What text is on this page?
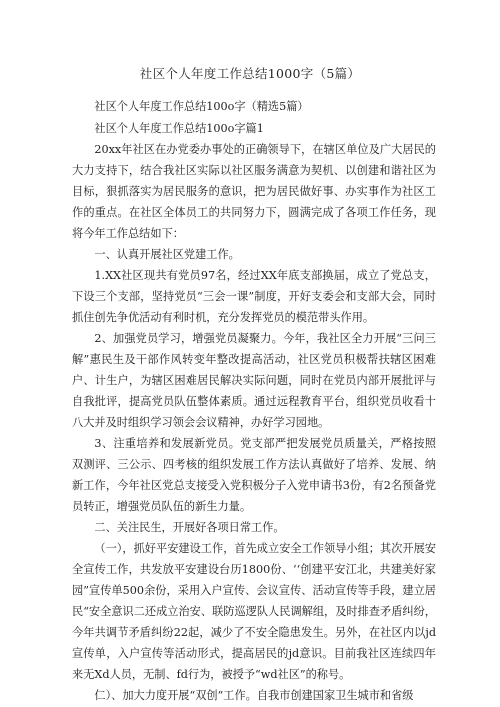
社区个人年度工作总结1000字（5篇）

社区个人年度工作总结100o字（精选5篇）

社区个人年度工作总结100o字篇1

20xx年社区在办党委办事处的正确领导下，在辖区单位及广大居民的大力支持下，结合我社区实际以社区服务满意为契机、以创建和谐社区为目标，狠抓落实为居民服务的意识，把为居民做好事、办实事作为社区工作的重点。在社区全体员工的共同努力下，圆满完成了各项工作任务，现将今年工作总结如下：

一、认真开展社区党建工作。

1.XX社区现共有党员97名，经过XX年底支部换届，成立了党总支，下设三个支部，坚持党员“三会一课”制度，开好支委会和支部大会，同时抓住创先争优活动有利时机，充分发挥党员的模范带头作用。

2、加强党员学习，增强党员凝聚力。今年，我社区全力开展“三问三解”惠民生及干部作风转变年整改提高活动，社区党员积极帮扶辖区困难户、计生户，为辖区困难居民解决实际问题，同时在党员内部开展批评与自我批评，提高党员队伍整体素质。通过远程教育平台，组织党员收看十八大并及时组织学习领会会议精神，办好学习园地。

3、注重培养和发展新党员。党支部严把发展党员质量关，严格按照双测评、三公示、四考核的组织发展工作方法认真做好了培养、发展、纳新工作，今年社区党总支接受入党积极分子入党申请书3份，有2名预备党员转正，增强党员队伍的新生力量。

二、关注民生，开展好各项日常工作。

（一），抓好平安建设工作，首先成立安全工作领导小组；其次开展安全宣传工作，共发放平安建设台历1800份、‘‘创建平安江北，共建美好家园”宣传单500余份，采用入户宣传、会议宣传、活动宣传等手段，建立居民“安全意识二还成立治安、联防巡逻队人民调解组，及时排查矛盾纠纷，今年共调节矛盾纠纷22起，减少了不安全隐患发生。另外，在社区内以jd宣传单，入户宣传等活动形式，提高居民的jd意识。目前我社区连续四年来无Xd人员，无制、fd行为，被授予“wd社区”的称号。

仁）、加大力度开展“双创”工作。自我市创建国家卫生城市和省级
